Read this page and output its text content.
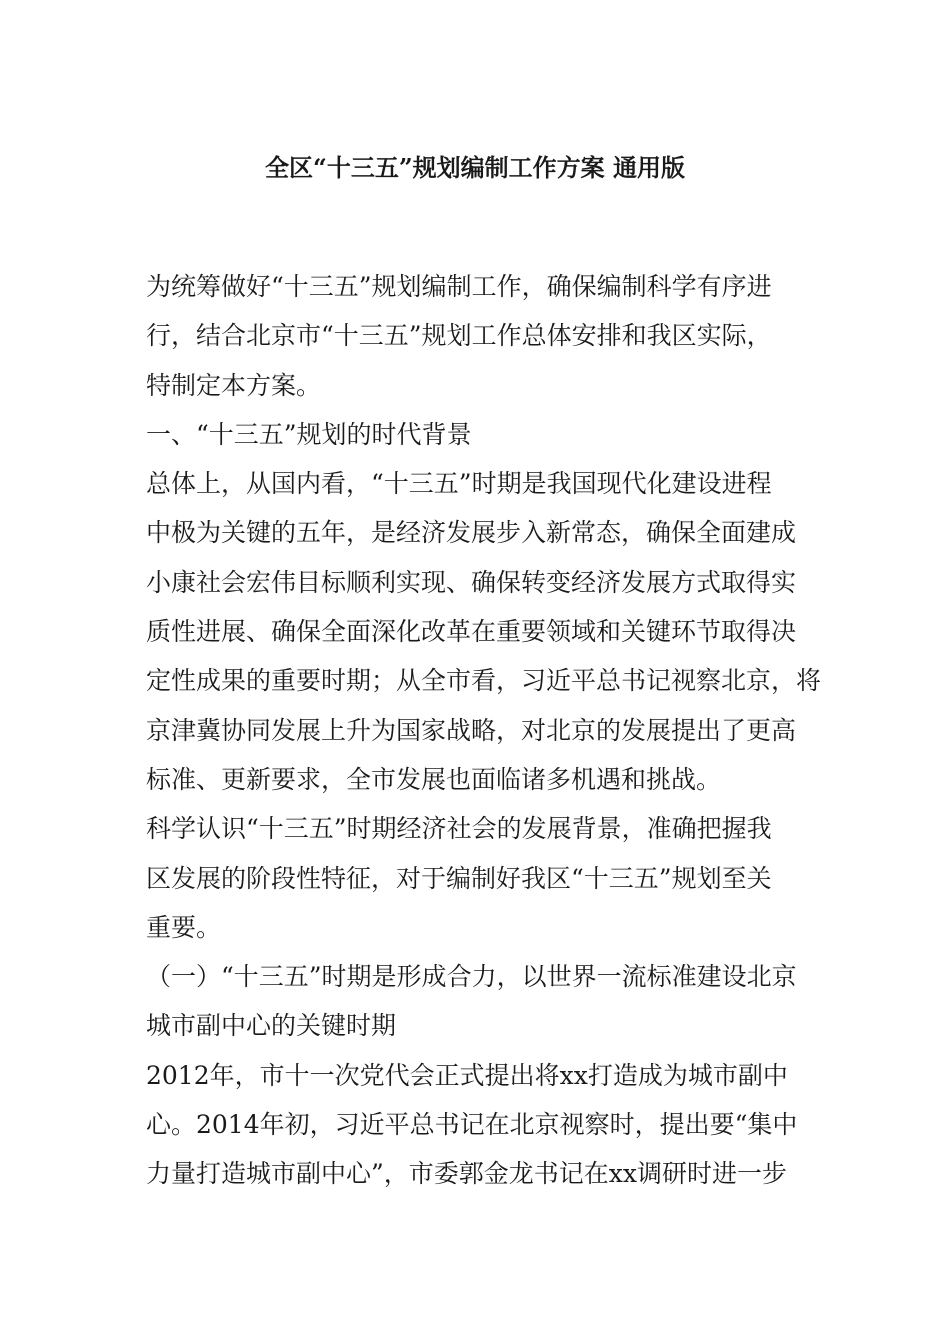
全区“十三五”规划编制工作方案 通用版

为统筹做好“十三五”规划编制工作，确保编制科学有序进

行，结合北京市“十三五”规划工作总体安排和我区实际，

特制定本方案。

一、“十三五”规划的时代背景

总体上，从国内看，“十三五”时期是我国现代化建设进程

中极为关键的五年，是经济发展步入新常态，确保全面建成

小康社会宏伟目标顺利实现、确保转变经济发展方式取得实

质性进展、确保全面深化改革在重要领域和关键环节取得决

定性成果的重要时期；从全市看，习近平总书记视察北京，将

京津冀协同发展上升为国家战略，对北京的发展提出了更高

标准、更新要求，全市发展也面临诸多机遇和挑战。

科学认识“十三五”时期经济社会的发展背景，准确把握我

区发展的阶段性特征，对于编制好我区“十三五”规划至关

重要。

（一）“十三五”时期是形成合力，以世界一流标准建设北京

城市副中心的关键时期

2012年，市十一次党代会正式提出将xx打造成为城市副中

心。2014年初，习近平总书记在北京视察时，提出要“集中

力量打造城市副中心”，市委郭金龙书记在xx调研时进一步
